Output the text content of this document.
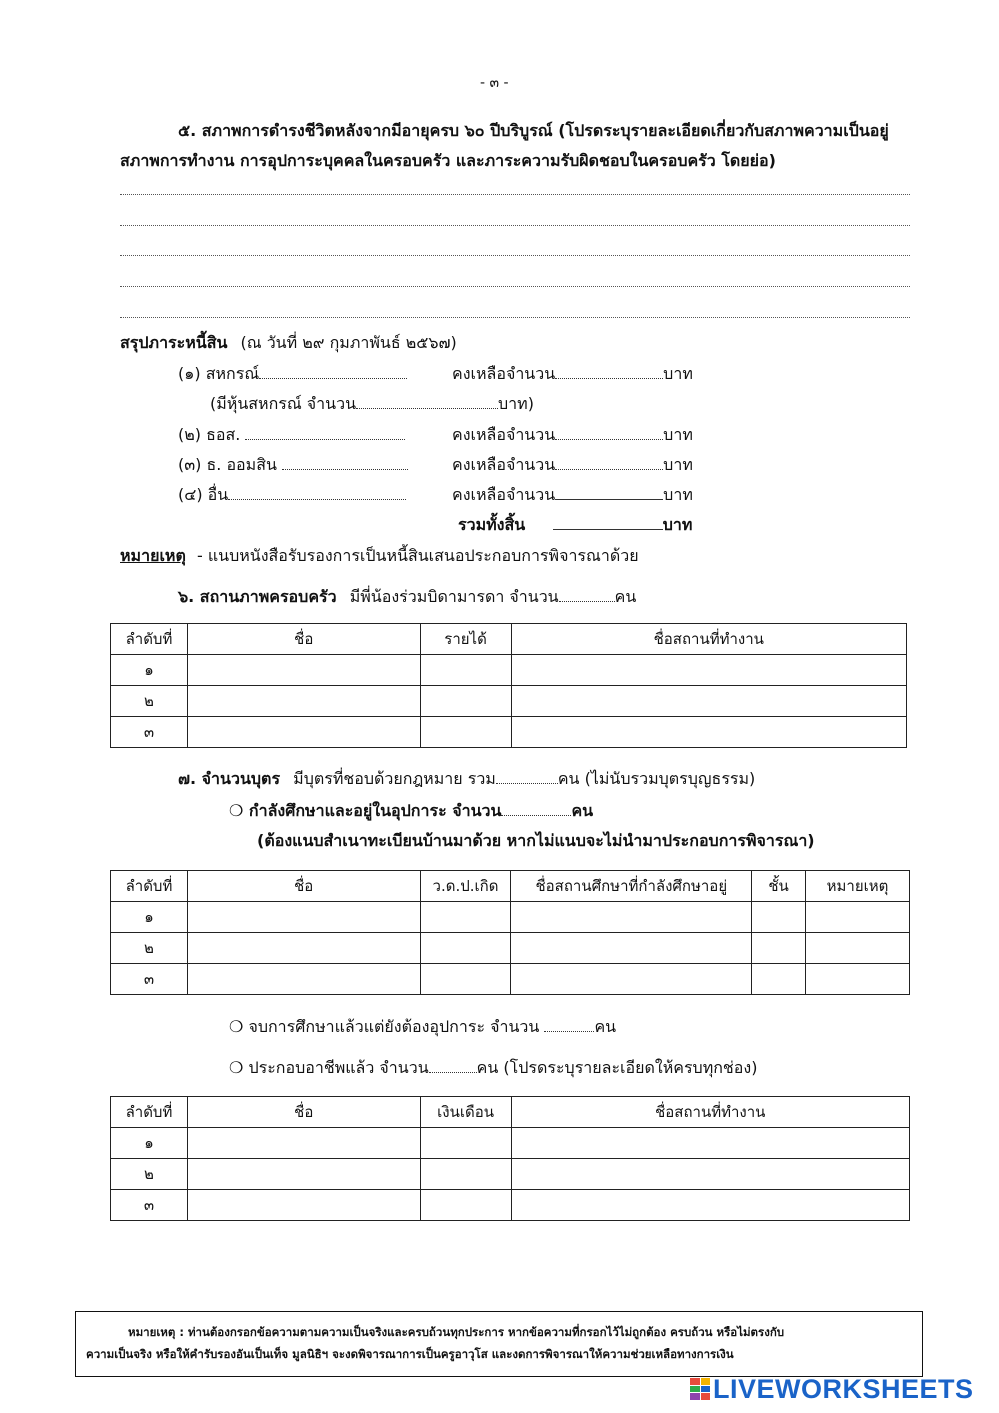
- ๓ -
๕. สภาพการดำรงชีวิตหลังจากมีอายุครบ ๖๐ ปีบริบูรณ์ (โปรดระบุรายละเอียดเกี่ยวกับสภาพความเป็นอยู่
สภาพการทำงาน การอุปการะบุคคลในครอบครัว และภาระความรับผิดชอบในครอบครัว โดยย่อ)
สรุปภาระหนี้สิน (ณ วันที่ ๒๙ กุมภาพันธ์ ๒๕๖๗)
(๑) สหกรณ์	คงเหลือจำนวน	บาท
(มีหุ้นสหกรณ์ จำนวน	บาท)
(๒) ธอส.	คงเหลือจำนวน	บาท
(๓) ธ. ออมสิน	คงเหลือจำนวน	บาท
(๔) อื่น	คงเหลือจำนวน	บาท
รวมทั้งสิ้น	บาท
หมายเหตุ - แนบหนังสือรับรองการเป็นหนี้สินเสนอประกอบการพิจารณาด้วย
๖. สถานภาพครอบครัว มีพี่น้องร่วมบิดามารดา จำนวน	คน
ลำดับที่	ชื่อ	รายได้	ชื่อสถานที่ทำงาน
๑			
๒			
๓			
๗. จำนวนบุตร มีบุตรที่ชอบด้วยกฎหมาย รวม	คน (ไม่นับรวมบุตรบุญธรรม)
❍ กำลังศึกษาและอยู่ในอุปการะ จำนวน	คน
(ต้องแนบสำเนาทะเบียนบ้านมาด้วย หากไม่แนบจะไม่นำมาประกอบการพิจารณา)
ลำดับที่	ชื่อ	ว.ด.ป.เกิด	ชื่อสถานศึกษาที่กำลังศึกษาอยู่	ชั้น	หมายเหตุ
๑					
๒					
๓					
❍ จบการศึกษาแล้วแต่ยังต้องอุปการะ จำนวน	คน
❍ ประกอบอาชีพแล้ว จำนวน	คน (โปรดระบุรายละเอียดให้ครบทุกช่อง)
ลำดับที่	ชื่อ	เงินเดือน	ชื่อสถานที่ทำงาน
๑			
๒			
๓			
หมายเหตุ : ท่านต้องกรอกข้อความตามความเป็นจริงและครบถ้วนทุกประการ หากข้อความที่กรอกไว้ไม่ถูกต้อง ครบถ้วน หรือไม่ตรงกับ
ความเป็นจริง หรือให้คำรับรองอันเป็นเท็จ มูลนิธิฯ จะงดพิจารณาการเป็นครูอาวุโส และงดการพิจารณาให้ความช่วยเหลือทางการเงิน
LIVEWORKSHEETS
